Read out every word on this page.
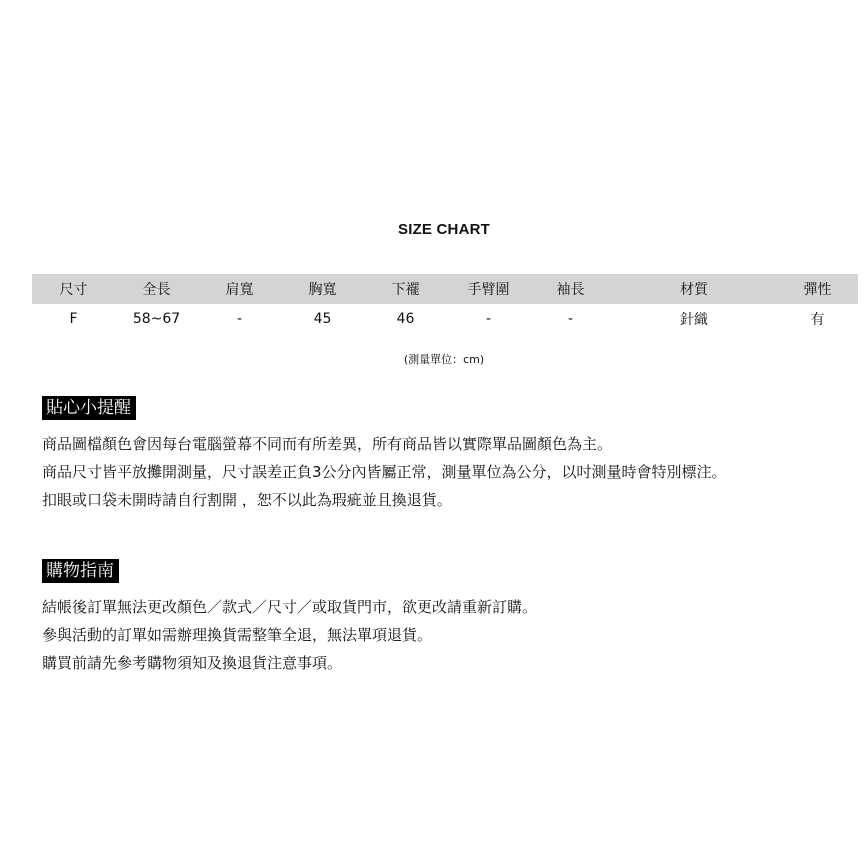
SIZE CHART
尺寸	全長	肩寬	胸寬	下襬	手臂圍	袖長	材質	彈性
F	58~67	-	45	46	-	-	針織	有
(測量單位：cm)
貼心小提醒
商品圖檔顏色會因每台電腦螢幕不同而有所差異，所有商品皆以實際單品圖顏色為主。
商品尺寸皆平放攤開測量，尺寸誤差正負3公分內皆屬正常，測量單位為公分，以吋測量時會特別標注。
扣眼或口袋未開時請自行割開 ，恕不以此為瑕疵並且換退貨。
購物指南
結帳後訂單無法更改顏色／款式／尺寸／或取貨門市，欲更改請重新訂購。
參與活動的訂單如需辦理換貨需整筆全退，無法單項退貨。
購買前請先參考購物須知及換退貨注意事項。
